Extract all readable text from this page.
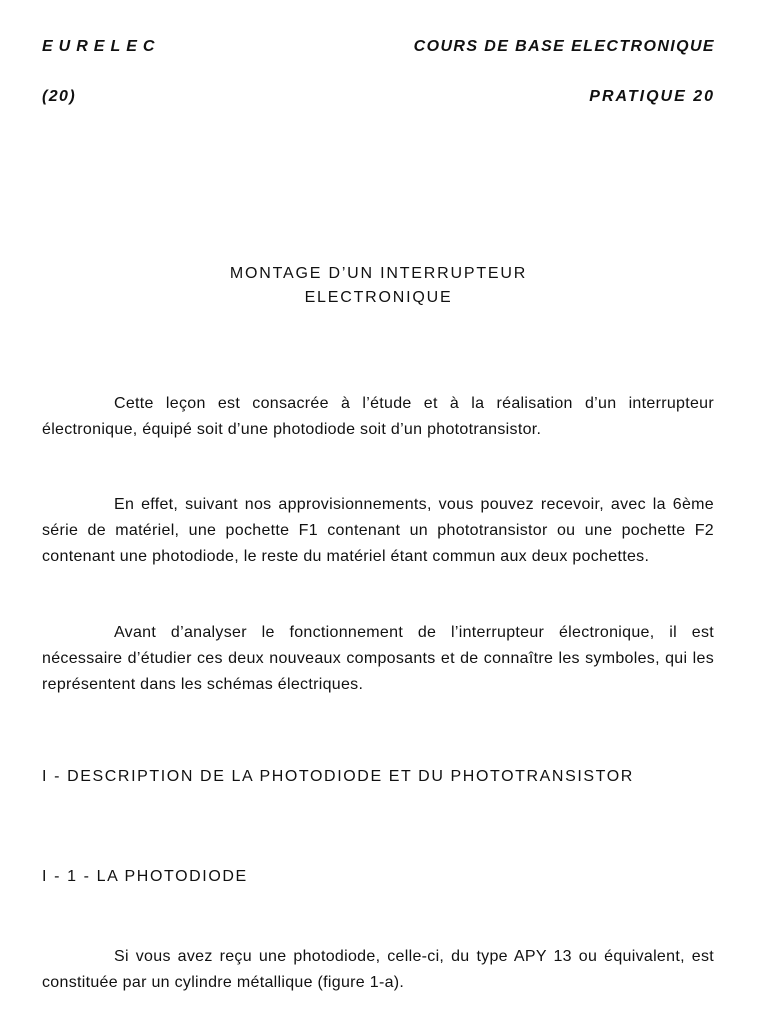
EURELEC	COURS DE BASE ELECTRONIQUE
(20)	PRATIQUE 20
MONTAGE D’UN INTERRUPTEUR
ELECTRONIQUE

Cette leçon est consacrée à l’étude et à la réalisation d’un interrupteur électronique, équipé soit d’une photodiode soit d’un phototransistor.

En effet, suivant nos approvisionnements, vous pouvez recevoir, avec la 6ème série de matériel, une pochette F1 contenant un phototransistor ou une pochette F2 contenant une photodiode, le reste du matériel étant commun aux deux pochettes.

Avant d’analyser le fonctionnement de l’interrupteur électronique, il est nécessaire d’étudier ces deux nouveaux composants et de connaître les symboles, qui les représentent dans les schémas électriques.

I - DESCRIPTION DE LA PHOTODIODE ET DU PHOTOTRANSISTOR
I - 1 - LA PHOTODIODE

Si vous avez reçu une photodiode, celle-ci, du type APY 13 ou équivalent, est constituée par un cylindre métallique (figure 1-a).
